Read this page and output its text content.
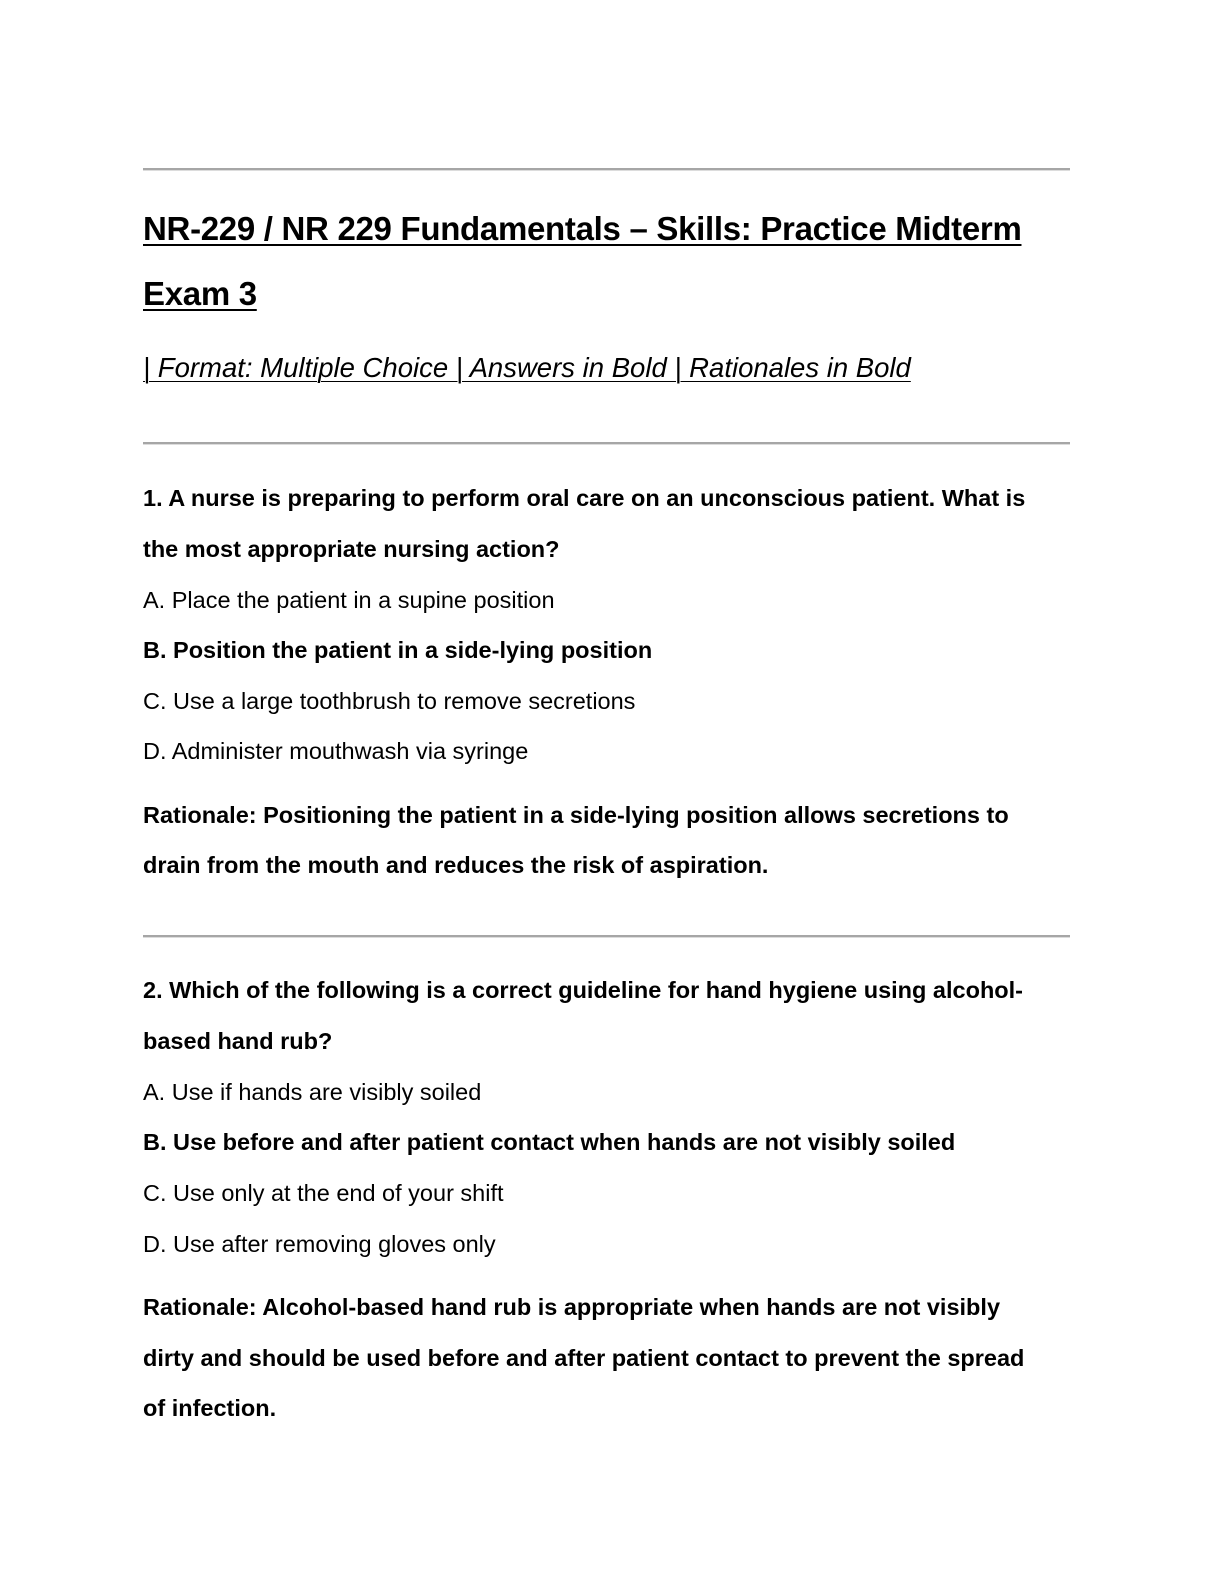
NR-229 / NR 229 Fundamentals – Skills: Practice Midterm
Exam 3
| Format: Multiple Choice | Answers in Bold | Rationales in Bold
1. A nurse is preparing to perform oral care on an unconscious patient. What is
the most appropriate nursing action?
A. Place the patient in a supine position
B. Position the patient in a side-lying position
C. Use a large toothbrush to remove secretions
D. Administer mouthwash via syringe
Rationale: Positioning the patient in a side-lying position allows secretions to
drain from the mouth and reduces the risk of aspiration.
2. Which of the following is a correct guideline for hand hygiene using alcohol-
based hand rub?
A. Use if hands are visibly soiled
B. Use before and after patient contact when hands are not visibly soiled
C. Use only at the end of your shift
D. Use after removing gloves only
Rationale: Alcohol-based hand rub is appropriate when hands are not visibly
dirty and should be used before and after patient contact to prevent the spread
of infection.
